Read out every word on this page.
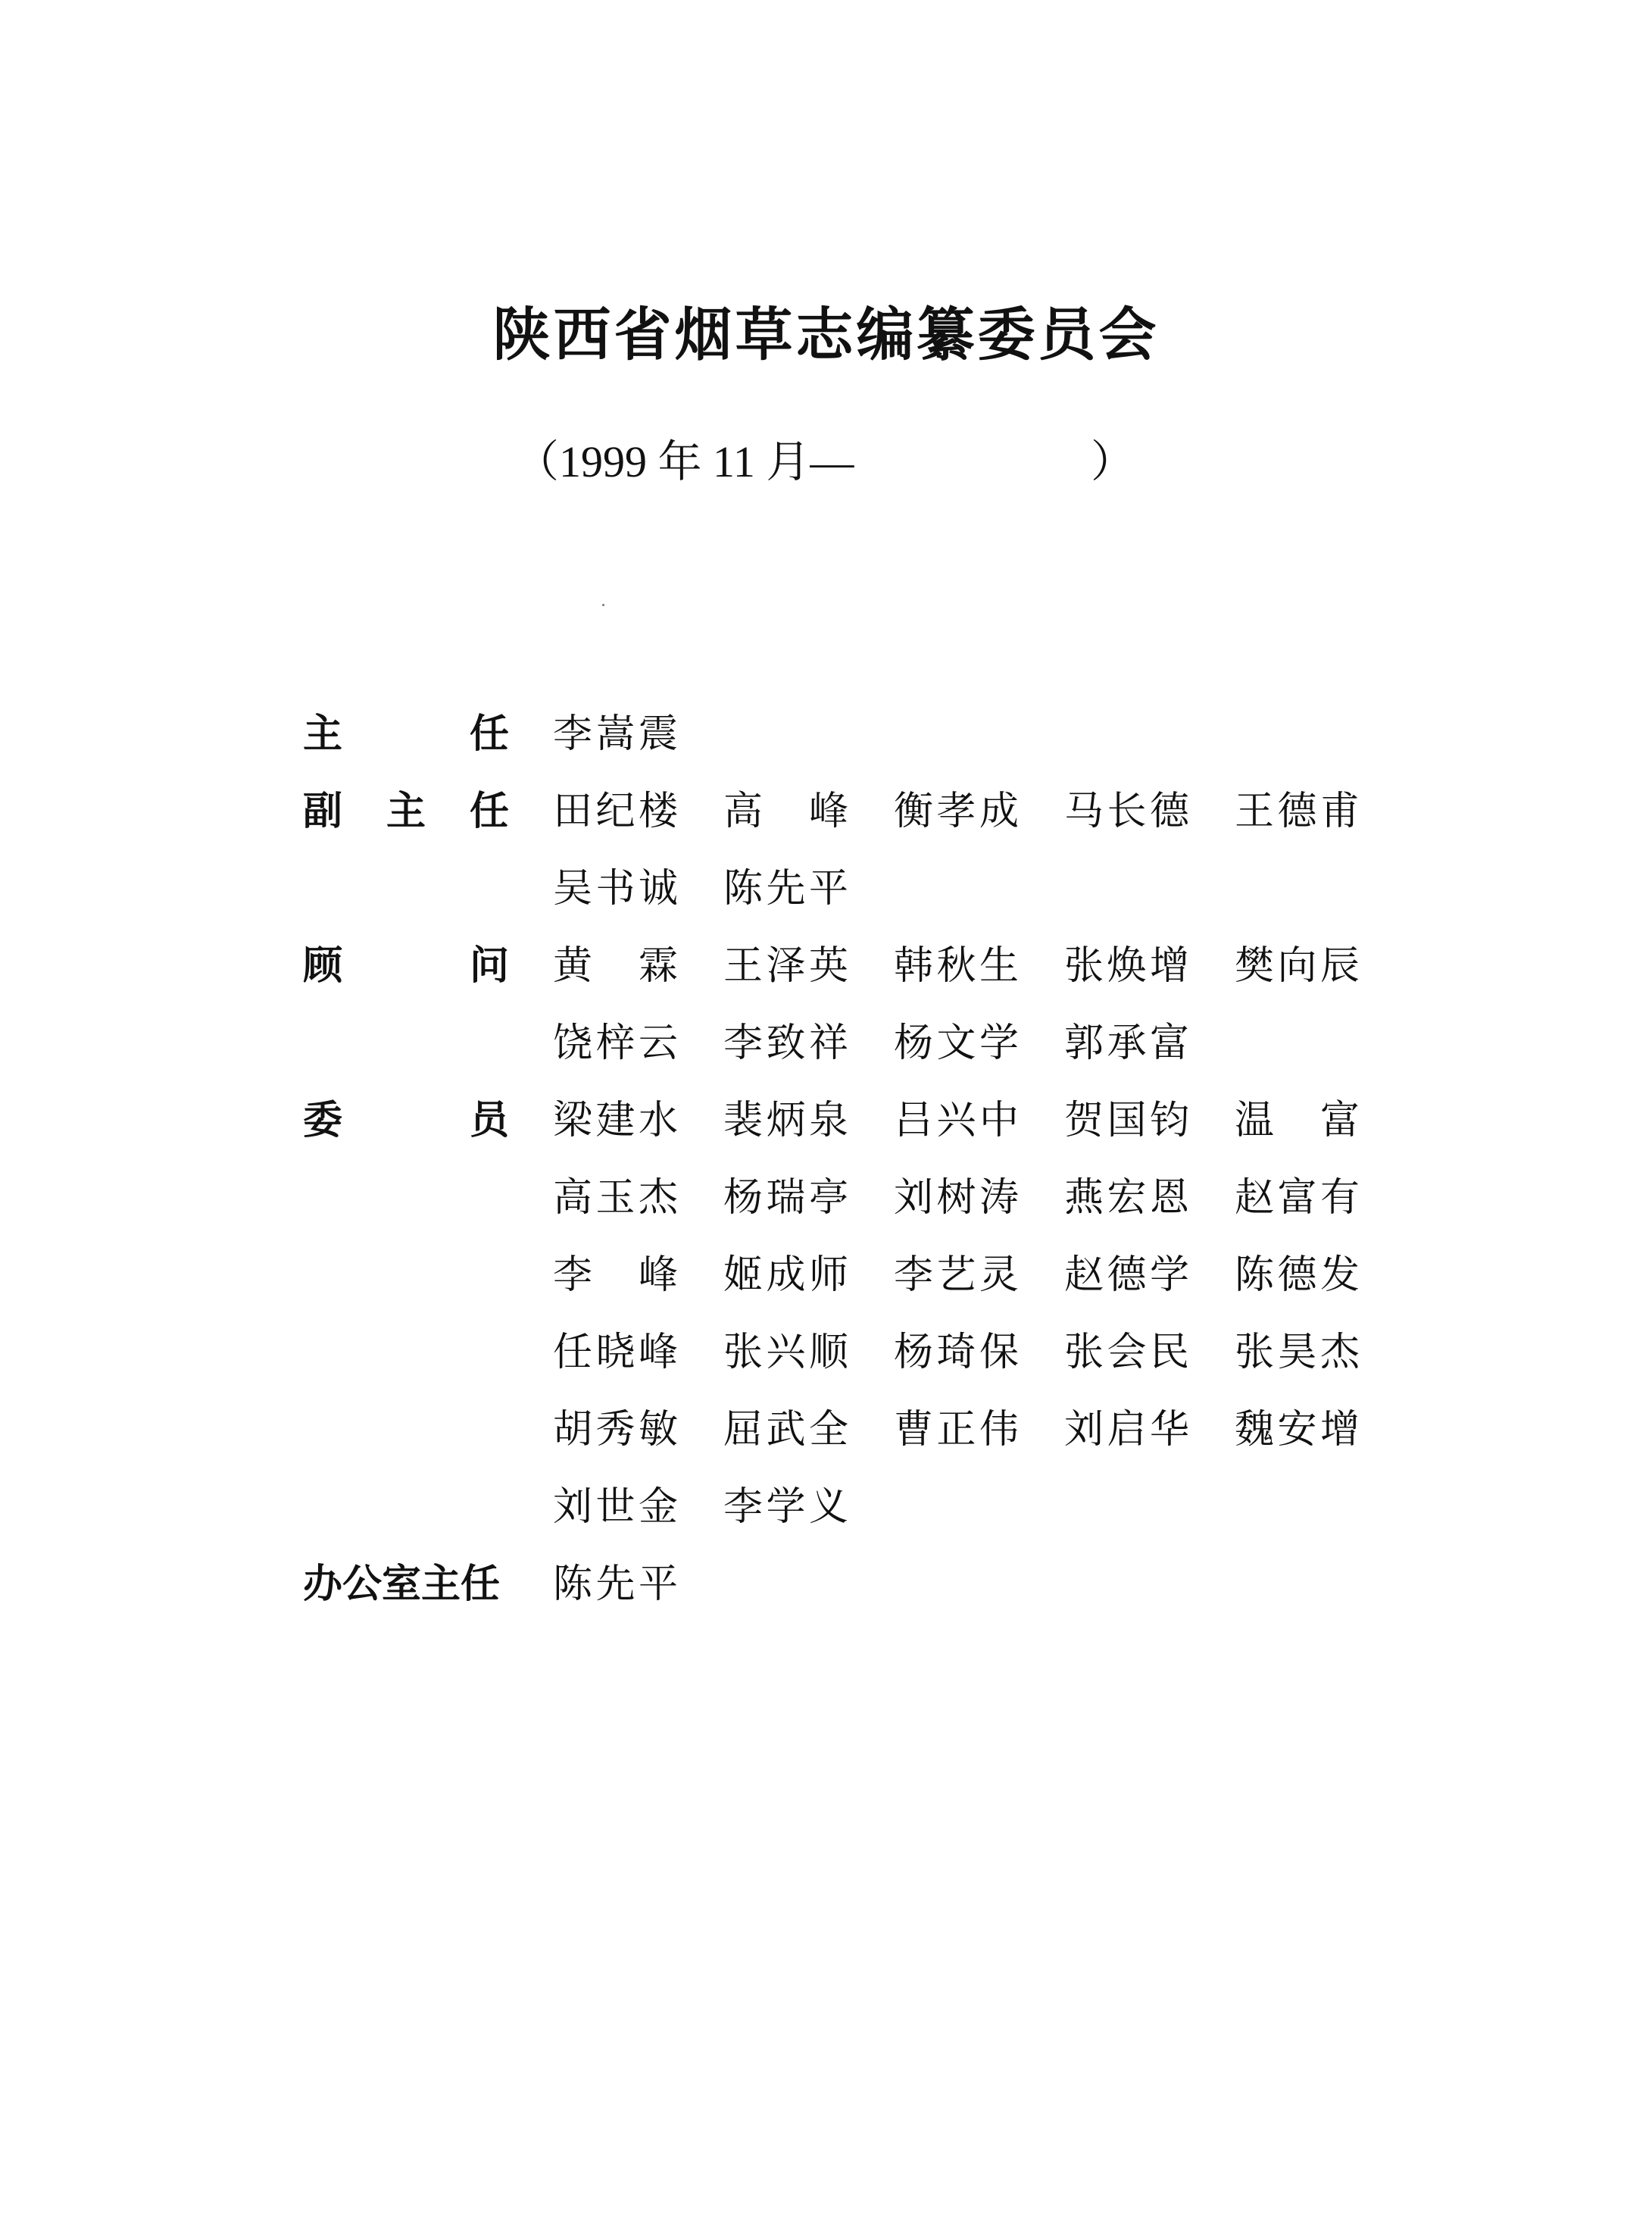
陕西省烟草志编纂委员会
（1999 年 11 月—	）
主任 李嵩震
副主任 田纪楼 高峰 衡孝成 马长德 王德甫
吴书诚 陈先平
顾问 黄霖 王泽英 韩秋生 张焕增 樊向辰
饶梓云 李致祥 杨文学 郭承富
委员 梁建水 裴炳泉 吕兴中 贺国钧 温富
高玉杰 杨瑞亭 刘树涛 燕宏恩 赵富有
李峰 姬成师 李艺灵 赵德学 陈德发
任晓峰 张兴顺 杨琦保 张会民 张昊杰
胡秀敏 屈武全 曹正伟 刘启华 魏安增
刘世金 李学义
办公室主任 陈先平
